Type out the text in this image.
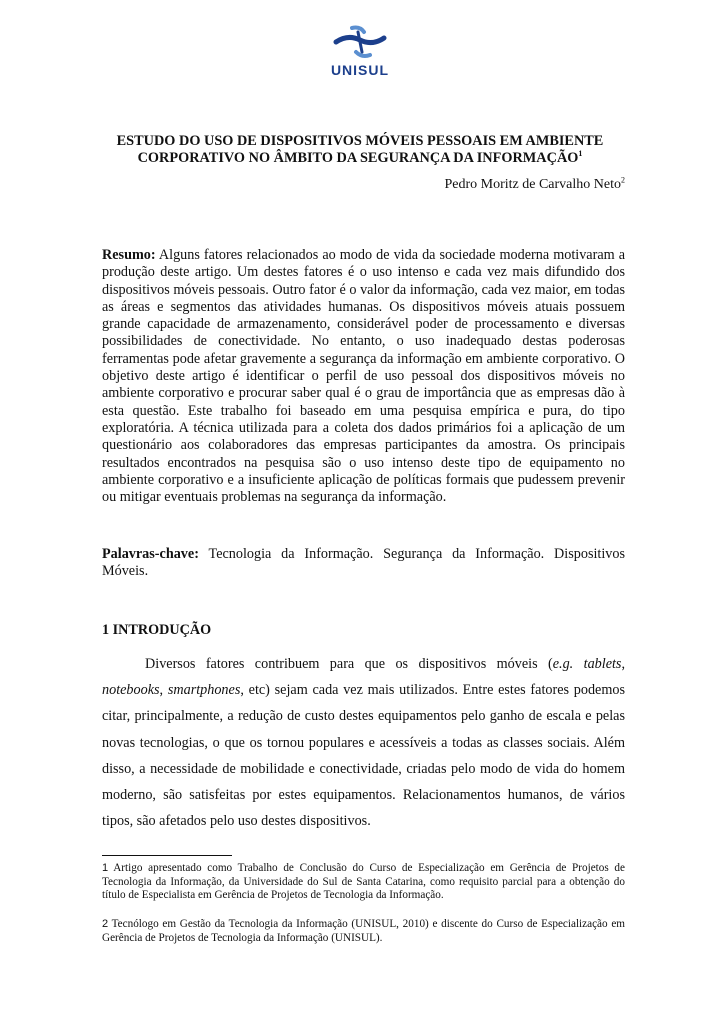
UNISUL
ESTUDO DO USO DE DISPOSITIVOS MÓVEIS PESSOAIS EM AMBIENTE
CORPORATIVO NO ÂMBITO DA SEGURANÇA DA INFORMAÇÃO$^1$
Pedro Moritz de Carvalho Neto$^2$

Resumo: Alguns fatores relacionados ao modo de vida da sociedade moderna motivaram a produção deste artigo. Um destes fatores é o uso intenso e cada vez mais difundido dos dispositivos móveis pessoais. Outro fator é o valor da informação, cada vez maior, em todas as áreas e segmentos das atividades humanas. Os dispositivos móveis atuais possuem grande capacidade de armazenamento, considerável poder de processamento e diversas possibilidades de conectividade. No entanto, o uso inadequado destas poderosas ferramentas pode afetar gravemente a segurança da informação em ambiente corporativo. O objetivo deste artigo é identificar o perfil de uso pessoal dos dispositivos móveis no ambiente corporativo e procurar saber qual é o grau de importância que as empresas dão à esta questão. Este trabalho foi baseado em uma pesquisa empírica e pura, do tipo exploratória. A técnica utilizada para a coleta dos dados primários foi a aplicação de um questionário aos colaboradores das empresas participantes da amostra. Os principais resultados encontrados na pesquisa são o uso intenso deste tipo de equipamento no ambiente corporativo e a insuficiente aplicação de políticas formais que pudessem prevenir ou mitigar eventuais problemas na segurança da informação.

Palavras-chave: Tecnologia da Informação. Segurança da Informação. Dispositivos Móveis.

1 INTRODUÇÃO

Diversos fatores contribuem para que os dispositivos móveis (e.g. tablets, notebooks, smartphones, etc) sejam cada vez mais utilizados. Entre estes fatores podemos citar, principalmente, a redução de custo destes equipamentos pelo ganho de escala e pelas novas tecnologias, o que os tornou populares e acessíveis a todas as classes sociais. Além disso, a necessidade de mobilidade e conectividade, criadas pelo modo de vida do homem moderno, são satisfeitas por estes equipamentos. Relacionamentos humanos, de vários tipos, são afetados pelo uso destes dispositivos.

1 Artigo apresentado como Trabalho de Conclusão do Curso de Especialização em Gerência de Projetos de Tecnologia da Informação, da Universidade do Sul de Santa Catarina, como requisito parcial para a obtenção do título de Especialista em Gerência de Projetos de Tecnologia da Informação.

2 Tecnólogo em Gestão da Tecnologia da Informação (UNISUL, 2010) e discente do Curso de Especialização em Gerência de Projetos de Tecnologia da Informação (UNISUL).
